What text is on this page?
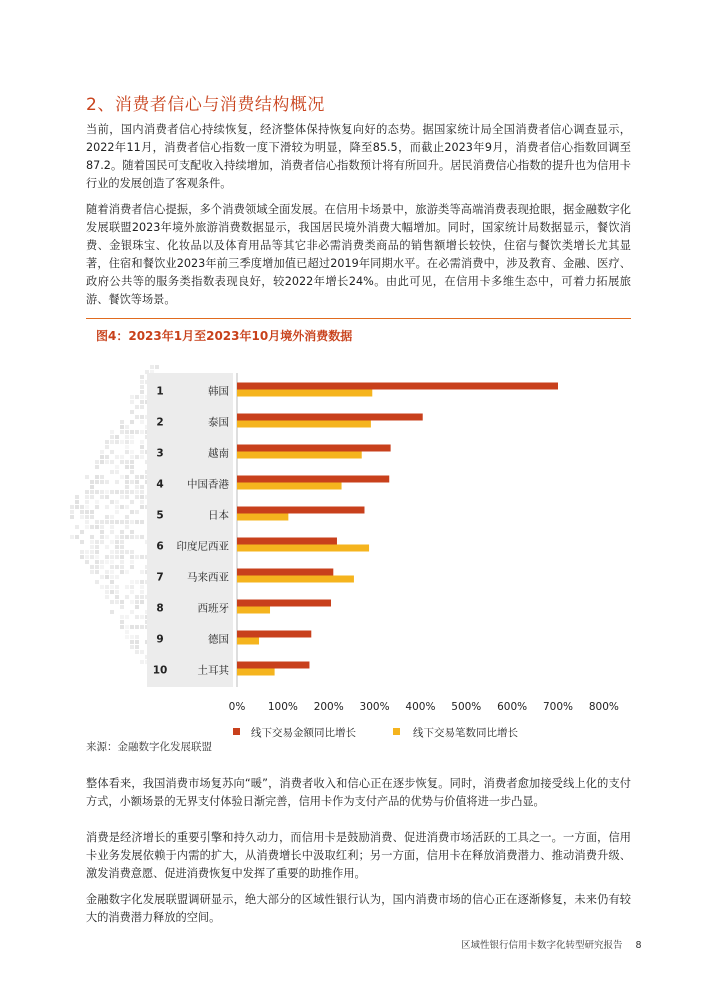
2、消费者信心与消费结构概况

当前，国内消费者信心持续恢复，经济整体保持恢复向好的态势。据国家统计局全国消费者信心调查显示，2022年11月，消费者信心指数一度下滑较为明显，降至85.5，而截止2023年9月，消费者信心指数回调至87.2。随着国民可支配收入持续增加，消费者信心指数预计将有所回升。居民消费信心指数的提升也为信用卡行业的发展创造了客观条件。

随着消费者信心提振，多个消费领域全面发展。在信用卡场景中，旅游类等高端消费表现抢眼，据金融数字化发展联盟2023年境外旅游消费数据显示，我国居民境外消费大幅增加。同时，国家统计局数据显示，餐饮消费、金银珠宝、化妆品以及体育用品等其它非必需消费类商品的销售额增长较快，住宿与餐饮类增长尤其显著，住宿和餐饮业2023年前三季度增加值已超过2019年同期水平。在必需消费中，涉及教育、金融、医疗、政府公共等的服务类指数表现良好，较2022年增长24%。由此可见，在信用卡多维生态中，可着力拓展旅游、餐饮等场景。

图4：2023年1月至2023年10月境外消费数据
1	韩国
2	泰国
3	越南
4 中国香港
5	日本
6 印度尼西亚
7 马来西亚
8	西班牙
9	德国
10	土耳其
0% 100% 200% 300% 400% 500% 600% 700% 800%
线下交易金额同比增长	线下交易笔数同比增长
来源：金融数字化发展联盟

整体看来，我国消费市场复苏向“暖”，消费者收入和信心正在逐步恢复。同时，消费者愈加接受线上化的支付方式，小额场景的无界支付体验日渐完善，信用卡作为支付产品的优势与价值将进一步凸显。

消费是经济增长的重要引擎和持久动力，而信用卡是鼓励消费、促进消费市场活跃的工具之一。一方面，信用卡业务发展依赖于内需的扩大，从消费增长中汲取红利；另一方面，信用卡在释放消费潜力、推动消费升级、激发消费意愿、促进消费恢复中发挥了重要的助推作用。

金融数字化发展联盟调研显示，绝大部分的区域性银行认为，国内消费市场的信心正在逐渐修复，未来仍有较大的消费潜力释放的空间。

区域性银行信用卡数字化转型研究报告 8
